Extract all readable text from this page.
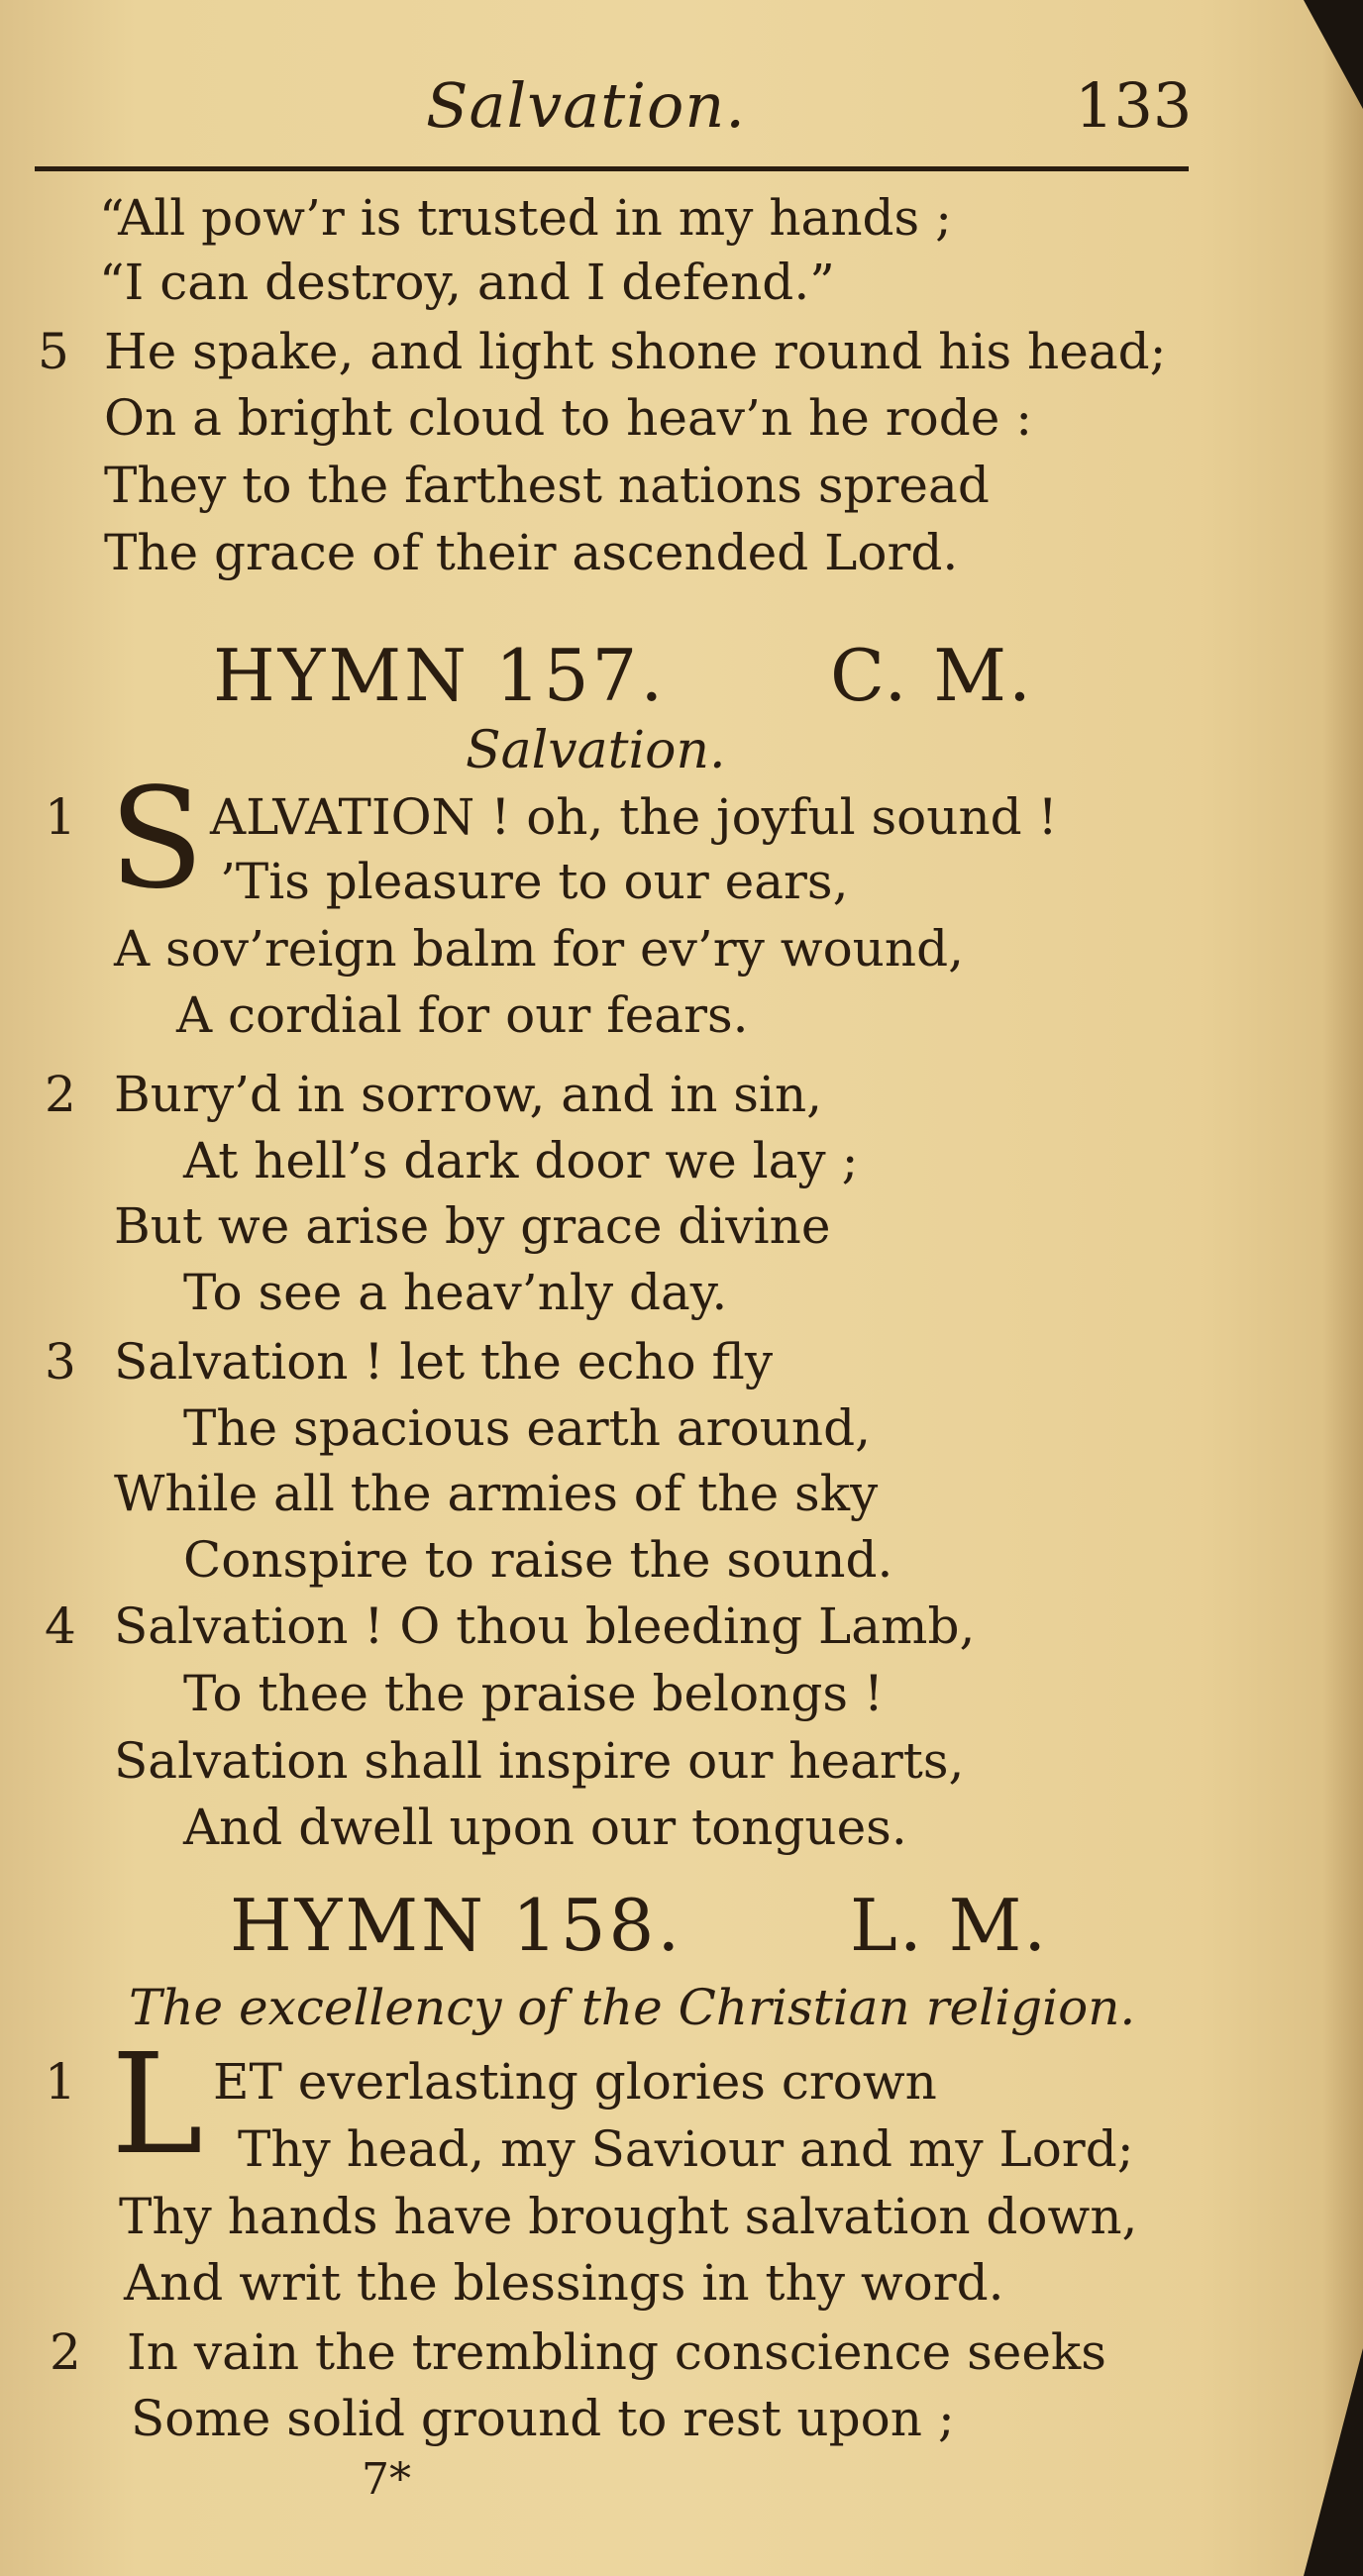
Salvation.	133
“All pow’r is trusted in my hands ;
“I can destroy, and I defend.”
5 He spake, and light shone round his head;
On a bright cloud to heav’n he rode :
They to the farthest nations spread
The grace of their ascended Lord.
HYMN 157. C. M.
Salvation.
1 S ALVATION ! oh, the joyful sound !
’Tis pleasure to our ears,
A sov’reign balm for ev’ry wound,
A cordial for our fears.
2 Bury’d in sorrow, and in sin,
At hell’s dark door we lay ;
But we arise by grace divine
To see a heav’nly day.
3 Salvation ! let the echo fly
The spacious earth around,
While all the armies of the sky
Conspire to raise the sound.
4 Salvation ! O thou bleeding Lamb,
To thee the praise belongs !
Salvation shall inspire our hearts,
And dwell upon our tongues.
HYMN 158. L. M.
The excellency of the Christian religion.
1 L ET everlasting glories crown
Thy head, my Saviour and my Lord;
Thy hands have brought salvation down,
And writ the blessings in thy word.
2 In vain the trembling conscience seeks
Some solid ground to rest upon ;
7*
